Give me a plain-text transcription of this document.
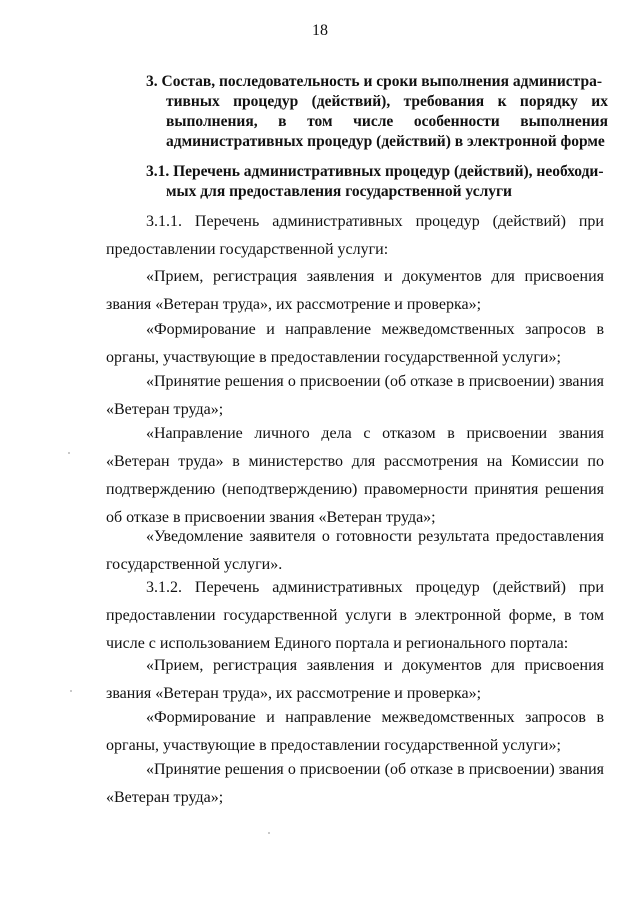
18
3. Состав, последовательность и сроки выполнения администра-
тивных процедур (действий), требования к порядку их
выполнения, в том числе особенности выполнения
административных процедур (действий) в электронной форме
3.1. Перечень административных процедур (действий), необходи-
мых для предоставления государственной услуги
3.1.1. Перечень административных процедур (действий) при
предоставлении государственной услуги:
«Прием, регистрация заявления и документов для присвоения звания «Ветеран труда», их рассмотрение и проверка»;
«Формирование и направление межведомственных запросов в органы, участвующие в предоставлении государственной услуги»;
«Принятие решения о присвоении (об отказе в присвоении) звания «Ветеран труда»;
«Направление личного дела с отказом в присвоении звания «Ветеран труда» в министерство для рассмотрения на Комиссии по подтверждению (неподтверждению) правомерности принятия решения об отказе в присвоении звания «Ветеран труда»;
«Уведомление заявителя о готовности результата предоставления государственной услуги».
3.1.2. Перечень административных процедур (действий) при
предоставлении государственной услуги в электронной форме, в том числе с использованием Единого портала и регионального портала:
«Прием, регистрация заявления и документов для присвоения звания «Ветеран труда», их рассмотрение и проверка»;
«Формирование и направление межведомственных запросов в органы, участвующие в предоставлении государственной услуги»;
«Принятие решения о присвоении (об отказе в присвоении) звания «Ветеран труда»;
